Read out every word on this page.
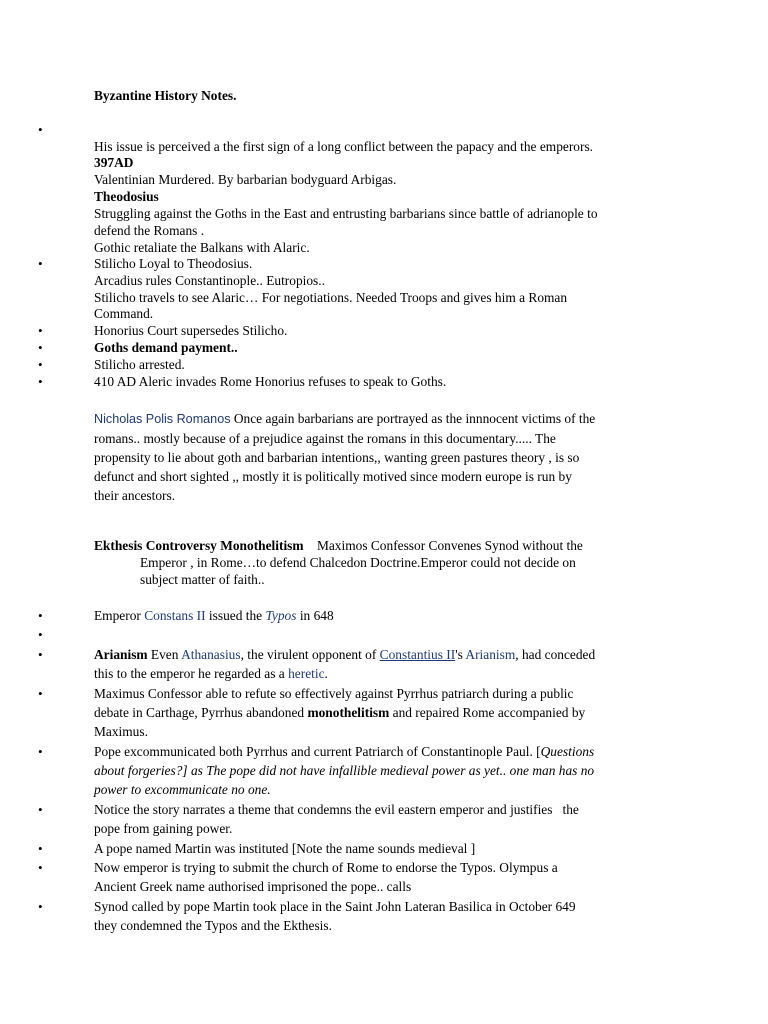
Byzantine History Notes.
•
His issue is perceived a the first sign of a long conflict between the papacy and the emperors.
397AD
Valentinian Murdered. By barbarian bodyguard Arbigas.
Theodosius
Struggling against the Goths in the East and entrusting barbarians since battle of adrianople to
defend the Romans .
Gothic retaliate the Balkans with Alaric.
•	Stilicho Loyal to Theodosius.
Arcadius rules Constantinople.. Eutropios..
Stilicho travels to see Alaric… For negotiations. Needed Troops and gives him a Roman
Command.
•	Honorius Court supersedes Stilicho.
•	Goths demand payment..
•	Stilicho arrested.
•	410 AD Aleric invades Rome Honorius refuses to speak to Goths.
Nicholas Polis Romanos Once again barbarians are portrayed as the innnocent victims of the
romans.. mostly because of a prejudice against the romans in this documentary..... The
propensity to lie about goth and barbarian intentions,, wanting green pastures theory , is so
defunct and short sighted ,, mostly it is politically motived since modern europe is run by
their ancestors.
Ekthesis Controversy Monothelitism    Maximos Confessor Convenes Synod without the
Emperor , in Rome…to defend Chalcedon Doctrine.Emperor could not decide on
subject matter of faith..
•	Emperor Constans II issued the Typos in 648
•
•	Arianism Even Athanasius, the virulent opponent of Constantius II's Arianism, had conceded
this to the emperor he regarded as a heretic.
•	Maximus Confessor able to refute so effectively against Pyrrhus patriarch during a public
debate in Carthage, Pyrrhus abandoned monothelitism and repaired Rome accompanied by
Maximus.
•	Pope excommunicated both Pyrrhus and current Patriarch of Constantinople Paul. [Questions
about forgeries?] as The pope did not have infallible medieval power as yet.. one man has no
power to excommunicate no one.
•	Notice the story narrates a theme that condemns the evil eastern emperor and justifies   the
pope from gaining power.
•	A pope named Martin was instituted [Note the name sounds medieval ]
•	Now emperor is trying to submit the church of Rome to endorse the Typos. Olympus a
Ancient Greek name authorised imprisoned the pope.. calls
•	Synod called by pope Martin took place in the Saint John Lateran Basilica in October 649
they condemned the Typos and the Ekthesis.
